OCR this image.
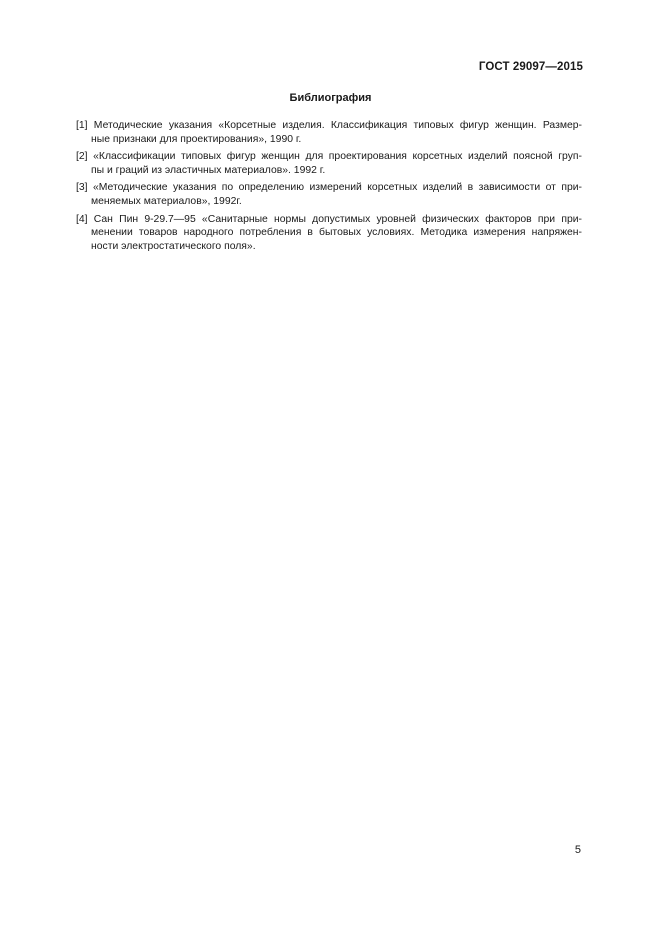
ГОСТ 29097—2015
Библиография
[1] Методические указания «Корсетные изделия. Классификация типовых фигур женщин. Размер-
ные признаки для проектирования», 1990 г.
[2] «Классификации типовых фигур женщин для проектирования корсетных изделий поясной груп-
пы и граций из эластичных материалов». 1992 г.
[3] «Методические указания по определению измерений корсетных изделий в зависимости от при-
меняемых материалов», 1992г.
[4] Сан Пин 9-29.7—95 «Санитарные нормы допустимых уровней физических факторов при при-
менении товаров народного потребления в бытовых условиях. Методика измерения напряжен-
ности электростатического поля».
5
